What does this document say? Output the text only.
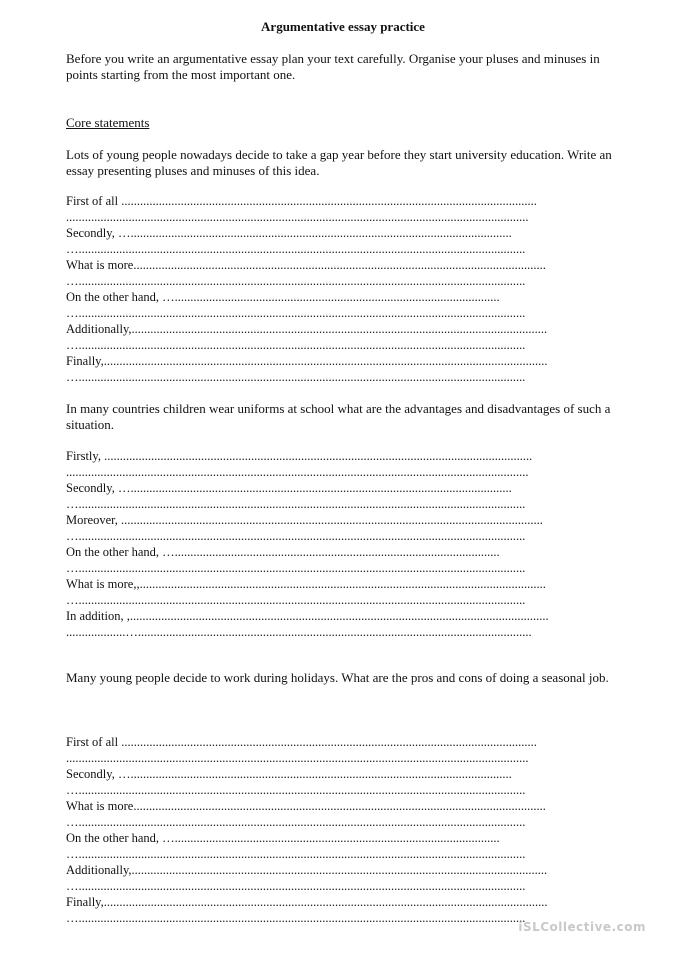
Argumentative essay practice
Before you write an argumentative essay plan your text carefully. Organise your pluses and minuses in points starting from the most important one.
Core statements
Lots of young people nowadays decide to take a gap year before they start university education. Write an essay presenting pluses and minuses of this idea.
First of all .....................................................................................................................................
....................................................................................................................................................
Secondly, …..........................................................................................................................
…...............................................................................................................................................
What is more....................................................................................................................................
…...............................................................................................................................................
On the other hand, …........................................................................................................
…...............................................................................................................................................
Additionally,.....................................................................................................................................
…...............................................................................................................................................
Finally,..............................................................................................................................................
…...............................................................................................................................................
In many countries children wear uniforms at school what are the advantages and disadvantages of such a situation.
Firstly, .........................................................................................................................................
....................................................................................................................................................
Secondly, …..........................................................................................................................
…...............................................................................................................................................
Moreover, .......................................................................................................................................
…...............................................................................................................................................
On the other hand, …........................................................................................................
…...............................................................................................................................................
What is more,,..................................................................................................................................
…...............................................................................................................................................
In addition, ,......................................................................................................................................
...................…..............................................................................................................................
Many young people decide to work during holidays. What are the pros and cons of doing a seasonal job.
First of all .....................................................................................................................................
....................................................................................................................................................
Secondly, …..........................................................................................................................
…...............................................................................................................................................
What is more....................................................................................................................................
…...............................................................................................................................................
On the other hand, …........................................................................................................
…...............................................................................................................................................
Additionally,.....................................................................................................................................
…...............................................................................................................................................
Finally,..............................................................................................................................................
…...............................................................................................................................................
iSLCollective.com
